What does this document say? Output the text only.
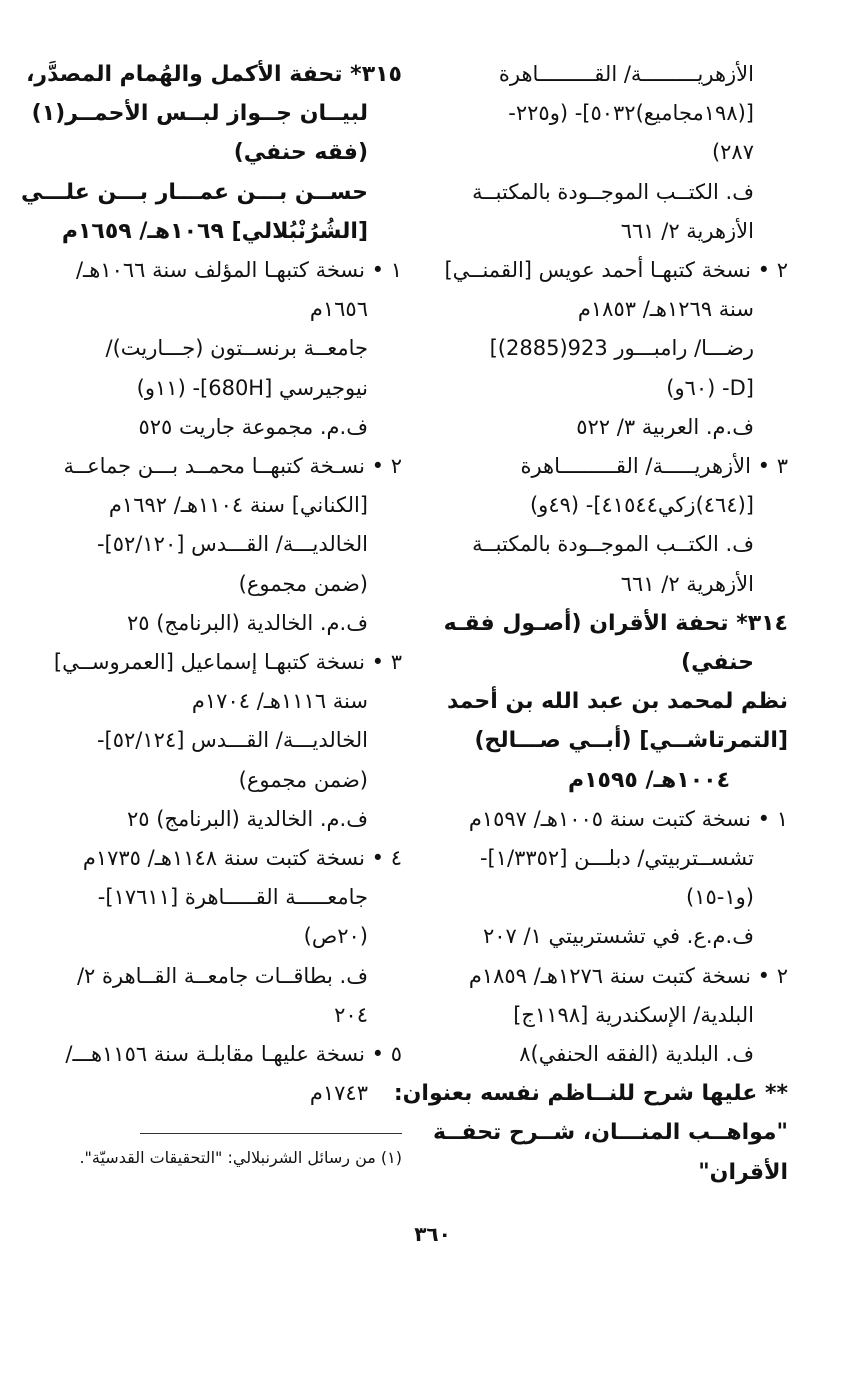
الأزهريـــــــــة/ القـــــــــاهرة
[(١٩٨مجاميع)٥٠٣٢]- (و٢٢٥-
٢٨٧)
ف. الكتــب الموجــودة بالمكتبــة
الأزهرية ٢/ ٦٦١
٢ • نسخة كتبهـا أحمد عويس [القمنــي]
سنة ١٢٦٩هـ/ ١٨٥٣م
رضـــا/ رامبـــور 923(2885)]
[D- (٦٠و)
ف.م. العربية ٣/ ٥٢٢
٣ • الأزهريـــــة/ القـــــــــاهرة
[(٤٦٤)زكي٤١٥٤٤]- (٤٩و)
ف. الكتــب الموجــودة بالمكتبــة
الأزهرية ٢/ ٦٦١
٣١٤* تحفة الأقران (أصـول فقـه
حنفي)
نظم لمحمد بن عبد الله بن أحمد
[التمرتاشــي] (أبــي صـــالح)
١٠٠٤هـ/ ١٥٩٥م
١ • نسخة كتبت سنة ١٠٠٥هـ/ ١٥٩٧م
تشســتربيتي/ دبلـــن [١/٣٣٥٢]-
(و١-١٥)
ف.م.ع. في تشستربيتي ١/ ٢٠٧
٢ • نسخة كتبت سنة ١٢٧٦هـ/ ١٨٥٩م
البلدية/ الإسكندرية [١١٩٨ج]
ف. البلدية (الفقه الحنفي)٨
** عليها شرح للنــاظم نفسه بعنوان:
"مواهــب المنـــان، شــرح تحفــة
الأقران"
٣١٥* تحفة الأكمل والهُمام المصدَّر،
لبيــان جــواز لبــس الأحمــر(١)
(فقه حنفي)
حســن بـــن عمـــار بـــن علـــي
[الشُرُنْبُلالي] ١٠٦٩هـ/ ١٦٥٩م
١ • نسخة كتبهـا المؤلف سنة ١٠٦٦هـ/
١٦٥٦م
جامعــة برنســتون (جـــاريت)/
نيوجيرسي [680H]- (١١و)
ف.م. مجموعة جاريت ٥٢٥
٢ • نسـخة كتبهــا محمــد بـــن جماعــة
[الكناني] سنة ١١٠٤هـ/ ١٦٩٢م
الخالديـــة/ القـــدس [٥٢/١٢٠]-
(ضمن مجموع)
ف.م. الخالدية (البرنامج) ٢٥
٣ • نسخة كتبهـا إسماعيل [العمروســي]
سنة ١١١٦هـ/ ١٧٠٤م
الخالديـــة/ القـــدس [٥٢/١٢٤]-
(ضمن مجموع)
ف.م. الخالدية (البرنامج) ٢٥
٤ • نسخة كتبت سنة ١١٤٨هـ/ ١٧٣٥م
جامعـــــة القـــــاهرة [١٧٦١١]-
(٢٠ص)
ف. بطاقــات جامعــة القــاهرة ٢/
٢٠٤
٥ • نسخة عليهـا مقابلـة سنة ١١٥٦هـــ/
١٧٤٣م
(١) من رسائل الشرنبلالي: "التحقيقات القدسيّة".
٣٦٠
